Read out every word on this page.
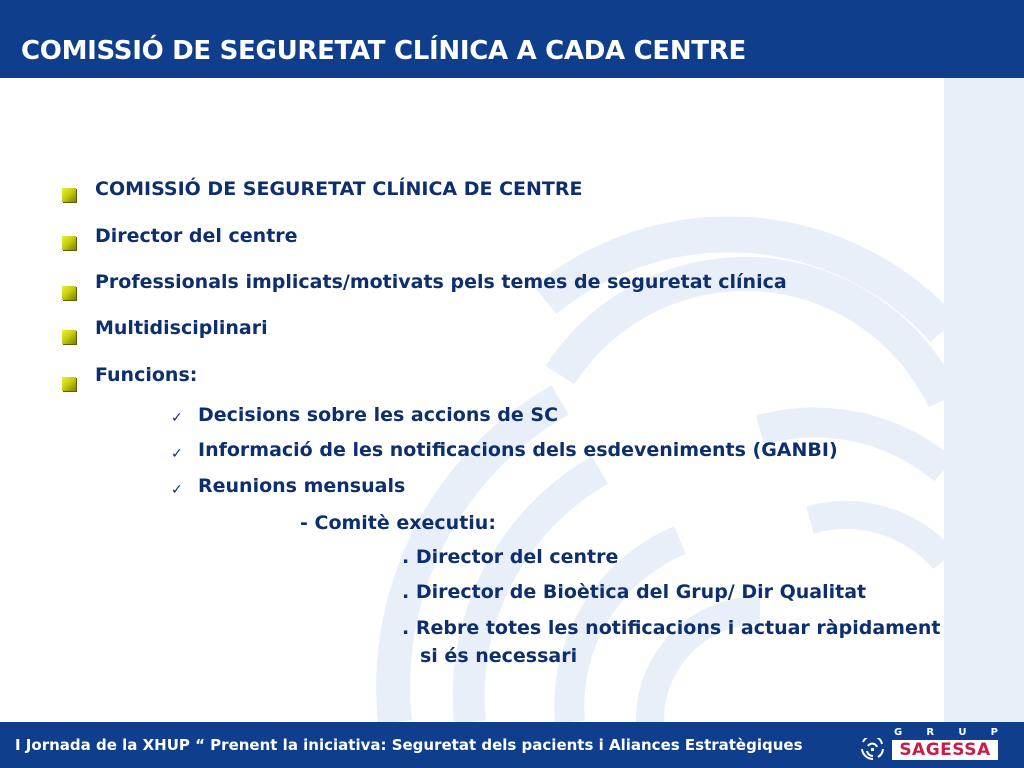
COMISSIÓ DE SEGURETAT CLÍNICA A CADA CENTRE

COMISSIÓ DE SEGURETAT CLÍNICA DE CENTRE

Director del centre

Professionals implicats/motivats pels temes de seguretat clínica

Multidisciplinari

Funcions:

✓ Decisions sobre les accions de SC

✓ Informació de les notificacions dels esdeveniments (GANBI)

✓ Reunions mensuals

- Comitè executiu:

. Director del centre

. Director de Bioètica del Grup/ Dir Qualitat

. Rebre totes les notificacions i actuar ràpidament

si és necessari

I Jornada de la XHUP “ Prenent la iniciativa: Seguretat dels pacients i Aliances Estratègiques

G R U P
SAGESSA
